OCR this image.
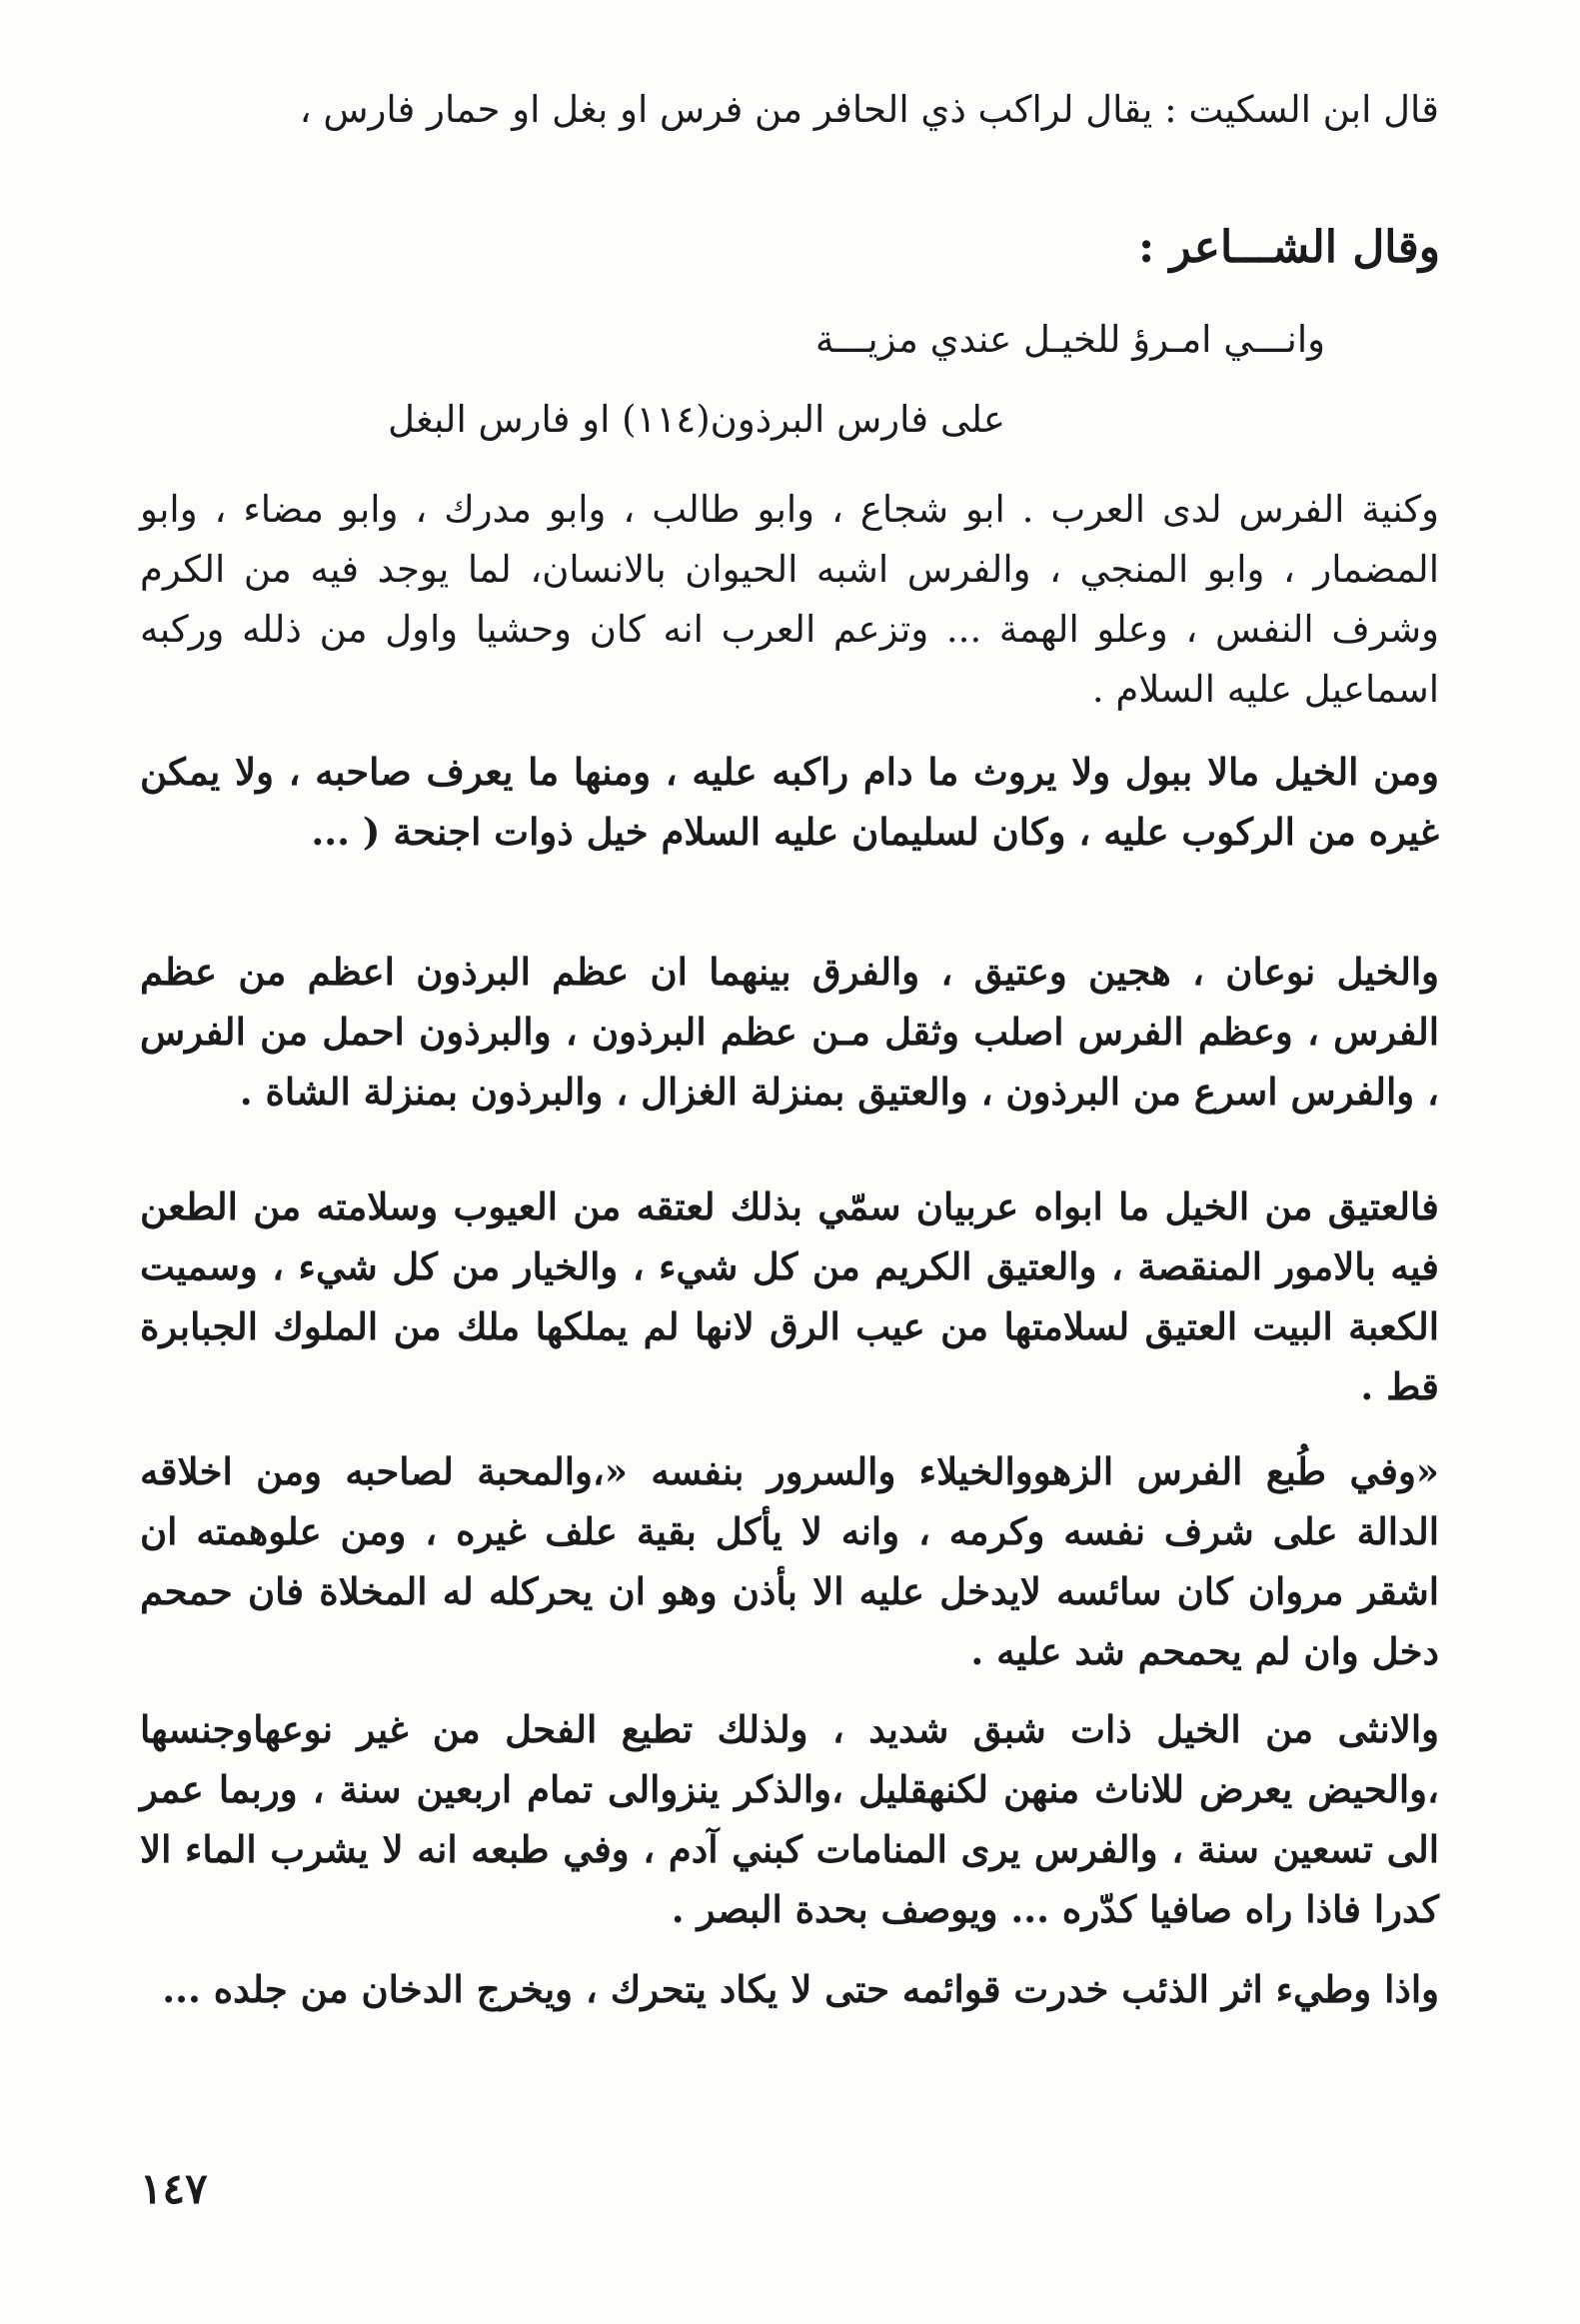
قال ابن السكيت : يقال لراكب ذي الحافر من فرس او بغل او حمار فارس ،
وقال الشـــاعر :
وانـــي امـرؤ للخيـل عندي مزيـــة
على فارس البرذون(١١٤) او فارس البغل
وكنية الفرس لدى العرب . ابو شجاع ، وابو طالب ، وابو مدرك ، وابو مضاء ، وابو المضمار ، وابو المنجي ، والفرس اشبه الحيوان بالانسان، لما يوجد فيه من الكرم وشرف النفس ، وعلو الهمة ... وتزعم العرب انه كان وحشيا واول من ذلله وركبه اسماعيل عليه السلام .
ومن الخيل مالا ببول ولا يروث ما دام راكبه عليه ، ومنها ما يعرف صاحبه ، ولا يمكن غيره من الركوب عليه ، وكان لسليمان عليه السلام خيل ذوات اجنحة ( ...
والخيل نوعان ، هجين وعتيق ، والفرق بينهما ان عظم البرذون اعظم من عظم الفرس ، وعظم الفرس اصلب وثقل مـن عظم البرذون ، والبرذون احمل من الفرس ، والفرس اسرع من البرذون ، والعتيق بمنزلة الغزال ، والبرذون بمنزلة الشاة .
فالعتيق من الخيل ما ابواه عربيان سمّي بذلك لعتقه من العيوب وسلامته من الطعن فيه بالامور المنقصة ، والعتيق الكريم من كل شيء ، والخيار من كل شيء ، وسميت الكعبة البيت العتيق لسلامتها من عيب الرق لانها لم يملكها ملك من الملوك الجبابرة قط .
«وفي طُبع الفرس الزهووالخيلاء والسرور بنفسه «،والمحبة لصاحبه ومن اخلاقه الدالة على شرف نفسه وكرمه ، وانه لا يأكل بقية علف غيره ، ومن علوهمته ان اشقر مروان كان سائسه لايدخل عليه الا بأذن وهو ان يحركله له المخلاة فان حمحم دخل وان لم يحمحم شد عليه .
والانثى من الخيل ذات شبق شديد ، ولذلك تطيع الفحل من غير نوعهاوجنسها ،والحيض يعرض للاناث منهن لكنهقليل ،والذكر ينزوالى تمام اربعين سنة ، وربما عمر الى تسعين سنة ، والفرس يرى المنامات كبني آدم ، وفي طبعه انه لا يشرب الماء الا كدرا فاذا راه صافيا كدّره ... ويوصف بحدة البصر .
واذا وطيء اثر الذئب خدرت قوائمه حتى لا يكاد يتحرك ، ويخرج الدخان من جلده ...
١٤٧
